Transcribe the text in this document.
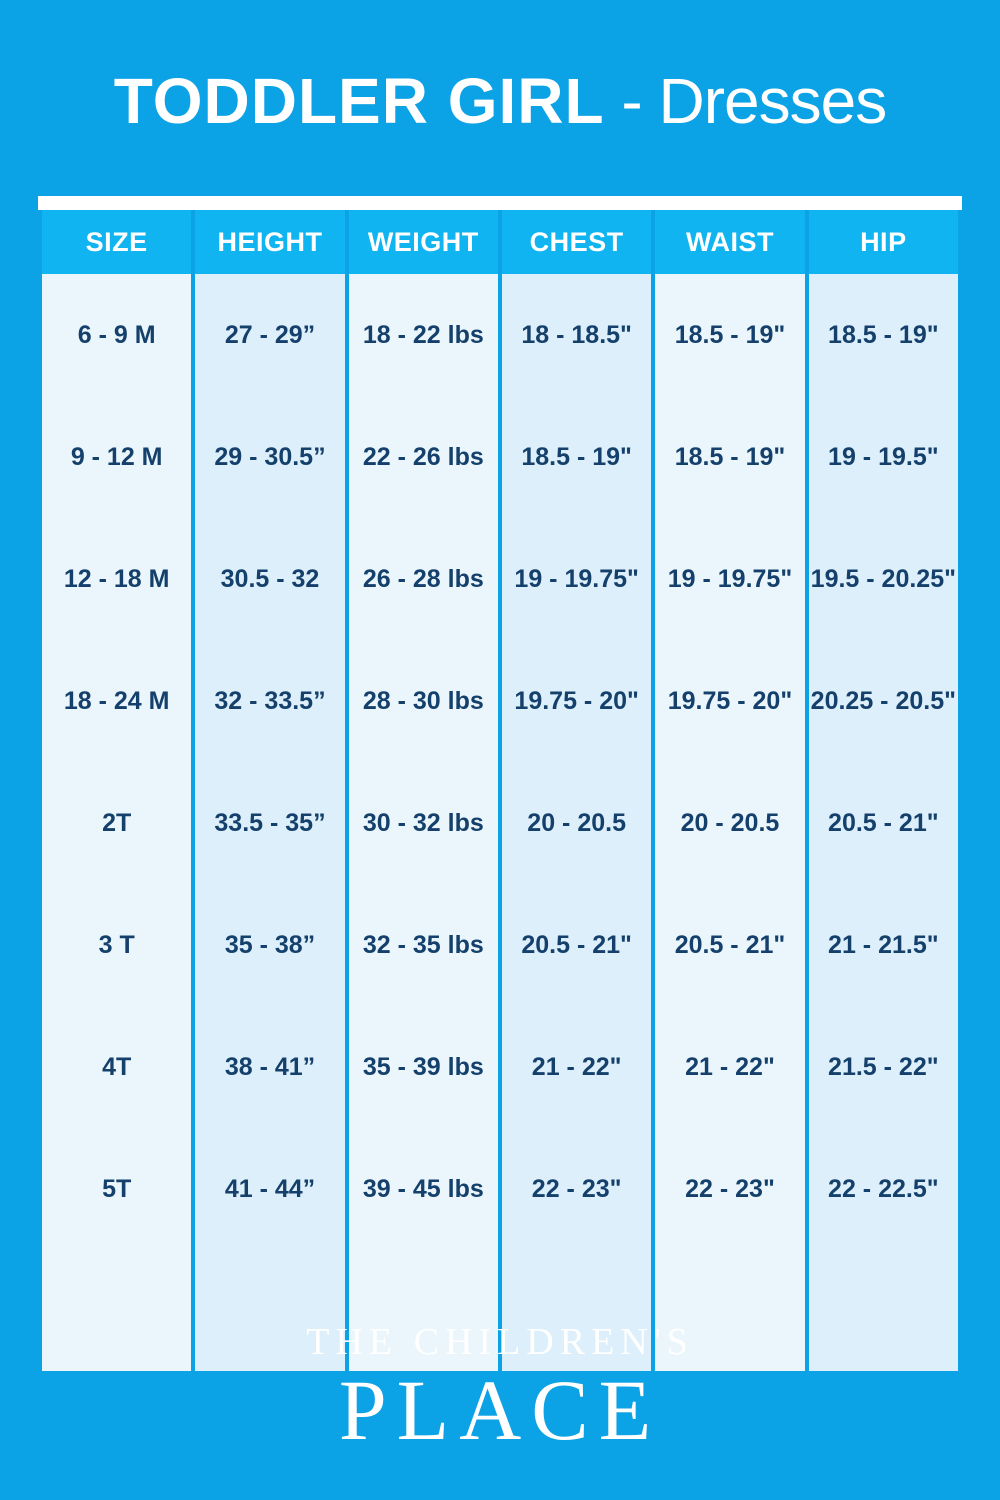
TODDLER GIRL - Dresses
SIZE	HEIGHT	WEIGHT	CHEST	WAIST	HIP
6 - 9 M	27 - 29”	18 - 22 lbs	18 - 18.5"	18.5 - 19"	18.5 - 19"
9 - 12 M	29 - 30.5”	22 - 26 lbs	18.5 - 19"	18.5 - 19"	19 - 19.5"
12 - 18 M	30.5 - 32	26 - 28 lbs	19 - 19.75"	19 - 19.75"	19.5 - 20.25"
18 - 24 M	32 - 33.5”	28 - 30 lbs	19.75 - 20"	19.75 - 20"	20.25 - 20.5"
2T	33.5 - 35”	30 - 32 lbs	20 - 20.5	20 - 20.5	20.5 - 21"
3 T	35 - 38”	32 - 35 lbs	20.5 - 21"	20.5 - 21"	21 - 21.5"
4T	38 - 41”	35 - 39 lbs	21 - 22"	21 - 22"	21.5 - 22"
5T	41 - 44”	39 - 45 lbs	22 - 23"	22 - 23"	22 - 22.5"

THE CHILDREN'S
PLACE
